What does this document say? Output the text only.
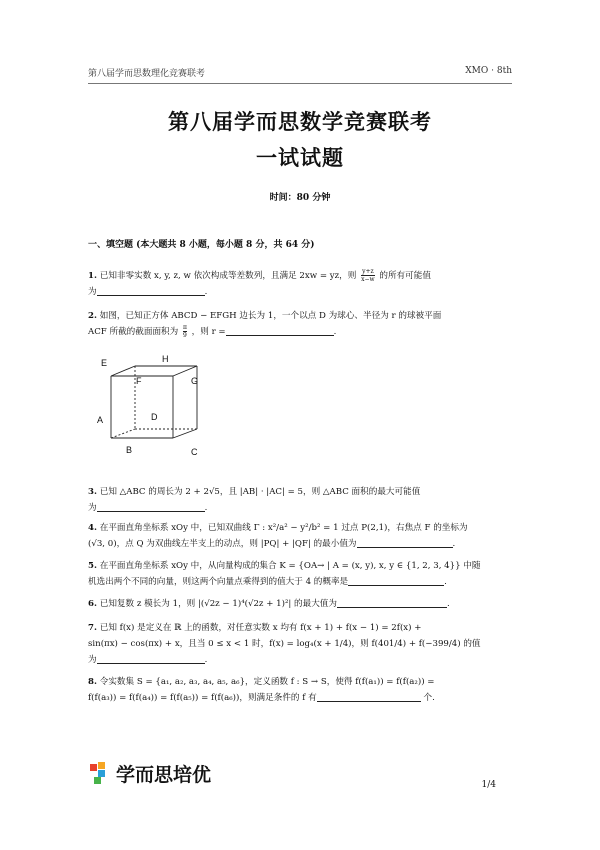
第八届学而思数理化竞赛联考	XMO · 8th
第八届学而思数学竞赛联考
一试试题
时间：80 分钟
一、填空题 (本大题共 8 小题，每小题 8 分，共 64 分)
1. 已知非零实数 x, y, z, w 依次构成等差数列，且满足 2xw = yz，则 $\frac{y+z}{x-w}$ 的所有可能值
为	.
2. 如图，已知正方体 ABCD − EFGH 边长为 1，一个以点 D 为球心、半径为 r 的球被平面
ACF 所截的截面面积为 $\frac{\pi}{9}$ ，则 r =	.
E	H
F	G
A	D
B	C
3. 已知 △ABC 的周长为 2 + 2√5，且 |AB| · |AC| = 5，则 △ABC 面积的最大可能值
为	.
4. 在平面直角坐标系 xOy 中，已知双曲线 Γ : x²/a² − y²/b² = 1 过点 P(2,1)，右焦点 F 的坐标为
(√3, 0)，点 Q 为双曲线左半支上的动点，则 |PQ| + |QF| 的最小值为	.
5. 在平面直角坐标系 xOy 中，从向量构成的集合 K = {OA→ | A = (x, y), x, y ∈ {1, 2, 3, 4}} 中随
机选出两个不同的向量，则这两个向量点乘得到的值大于 4 的概率是	.
6. 已知复数 z 模长为 1，则 |(√2z − 1)⁴(√2z + 1)²| 的最大值为	.
7. 已知 f(x) 是定义在 ℝ 上的函数，对任意实数 x 均有 f(x + 1) + f(x − 1) = 2f(x) +
sin(πx) − cos(πx) + x，且当 0 ≤ x < 1 时，f(x) = log₄(x + 1/4)，则 f(401/4) + f(−399/4) 的值
为	.
8. 令实数集 S = {a₁, a₂, a₃, a₄, a₅, a₆}，定义函数 f : S → S，使得 f(f(a₁)) = f(f(a₂)) =
f(f(a₃)) = f(f(a₄)) = f(f(a₅)) = f(f(a₆))，则满足条件的 f 有	个.
学而思培优	1/4
